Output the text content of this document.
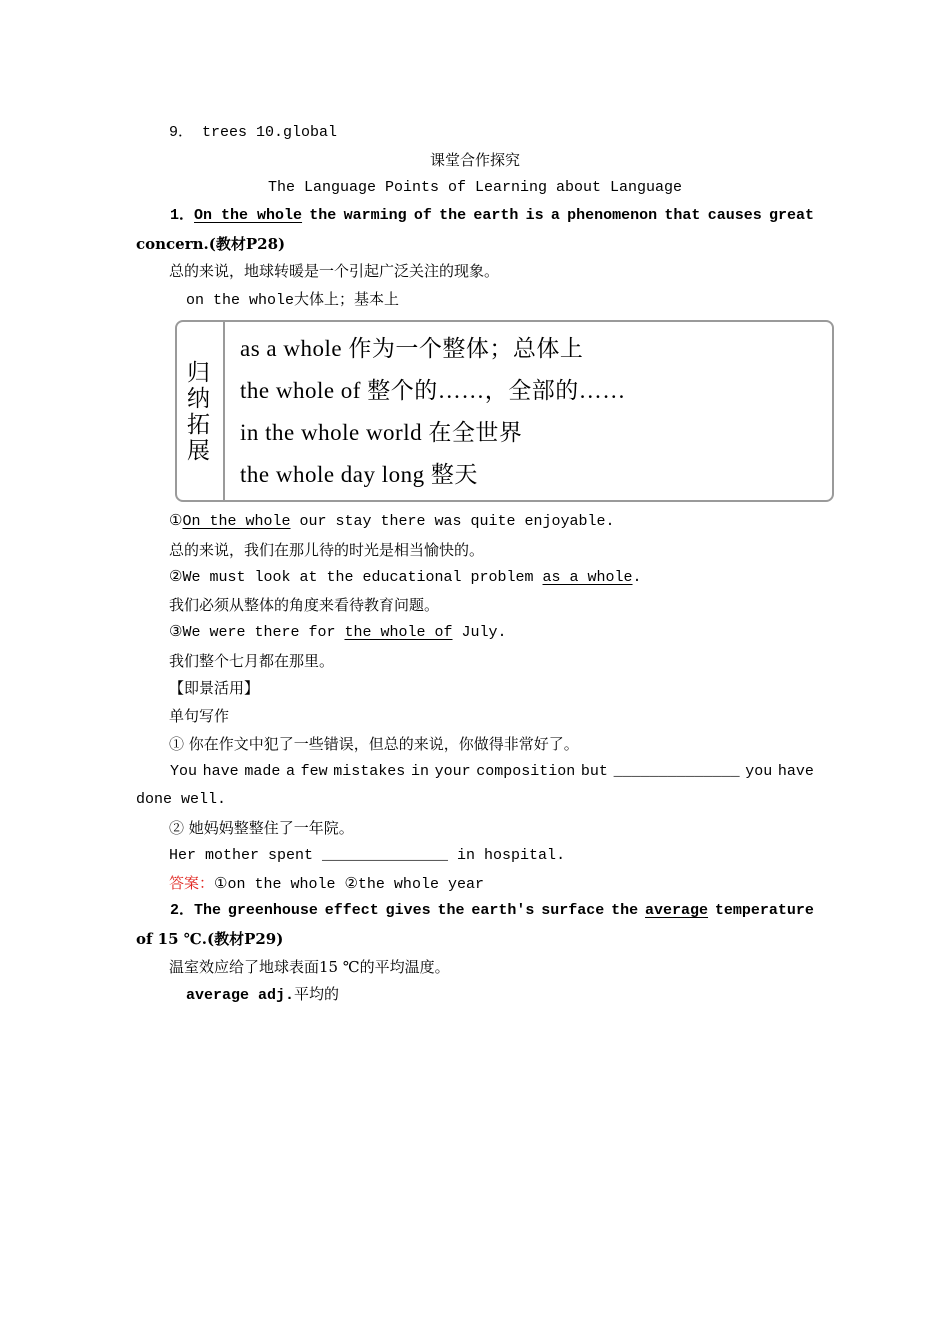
9． trees 10.global
课堂合作探究
The Language Points of Learning about Language
1．On the whole the warming of the earth is a phenomenon that causes great
concern.(教材P28)
总的来说，地球转暖是一个引起广泛关注的现象。
on the whole大体上；基本上
归
纳
拓
展
as a whole 作为一个整体；总体上
the whole of 整个的……，全部的……
in the whole world 在全世界
the whole day long 整天
①On the whole our stay there was quite enjoyable.
总的来说，我们在那儿待的时光是相当愉快的。
②We must look at the educational problem as a whole.
我们必须从整体的角度来看待教育问题。
③We were there for the whole of July.
我们整个七月都在那里。
【即景活用】
单句写作
① 你在作文中犯了一些错误，但总的来说，你做得非常好了。
You have made a few mistakes in your composition but ______________ you have
done well.
② 她妈妈整整住了一年院。
Her mother spent ______________ in hospital.
答案：①on the whole ②the whole year
2．The greenhouse effect gives the earth's surface the average temperature
of 15 ℃.(教材P29)
温室效应给了地球表面15 ℃的平均温度。
average adj.平均的
